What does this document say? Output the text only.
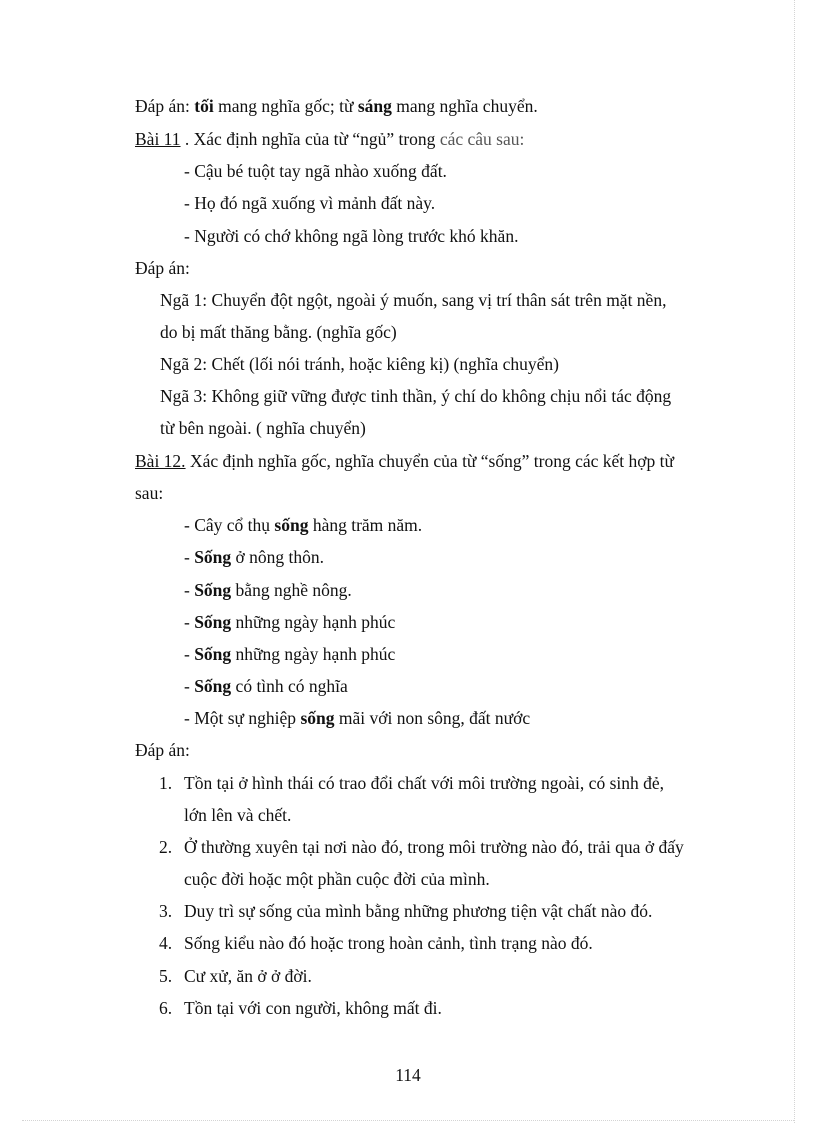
Đáp án: tối mang nghĩa gốc; từ sáng mang nghĩa chuyển.
Bài 11 . Xác định nghĩa của từ “ngủ” trong các câu sau:
- Cậu bé tuột tay ngã nhào xuống đất.
- Họ đó ngã xuống vì mảnh đất này.
- Người có chớ không ngã lòng trước khó khăn.
Đáp án:
Ngã 1: Chuyển đột ngột, ngoài ý muốn, sang vị trí thân sát trên mặt nền,
do bị mất thăng bằng. (nghĩa gốc)
Ngã 2: Chết (lối nói tránh, hoặc kiêng kị) (nghĩa chuyển)
Ngã 3: Không giữ vững được tinh thần, ý chí do không chịu nổi tác động
từ bên ngoài. ( nghĩa chuyển)
Bài 12. Xác định nghĩa gốc, nghĩa chuyển của từ “sống” trong các kết hợp từ
sau:
- Cây cổ thụ sống hàng trăm năm.
- Sống ở nông thôn.
- Sống bằng nghề nông.
- Sống những ngày hạnh phúc
- Sống những ngày hạnh phúc
- Sống có tình có nghĩa
- Một sự nghiệp sống mãi với non sông, đất nước
Đáp án:
1. Tồn tại ở hình thái có trao đổi chất với môi trường ngoài, có sinh đẻ,
lớn lên và chết.
2. Ở thường xuyên tại nơi nào đó, trong môi trường nào đó, trải qua ở đấy
cuộc đời hoặc một phần cuộc đời của mình.
3. Duy trì sự sống của mình bằng những phương tiện vật chất nào đó.
4. Sống kiểu nào đó hoặc trong hoàn cảnh, tình trạng nào đó.
5. Cư xử, ăn ở ở đời.
6. Tồn tại với con người, không mất đi.
114
